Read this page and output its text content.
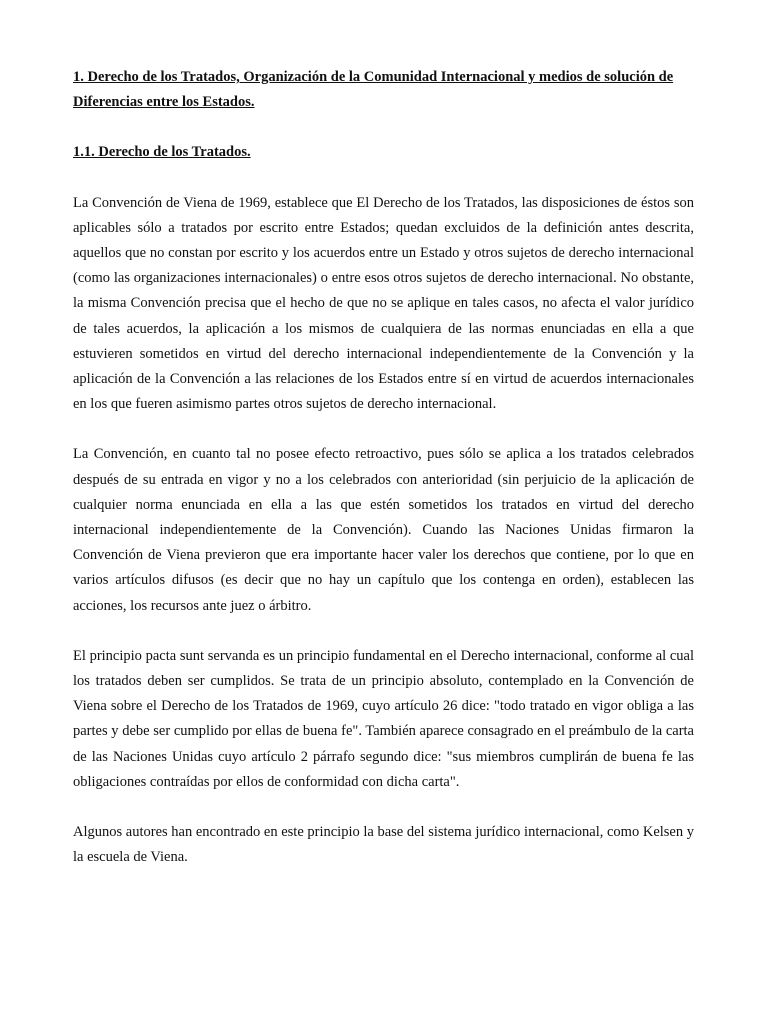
1. Derecho de los Tratados, Organización de la Comunidad Internacional y medios de solución de Diferencias entre los Estados.

1.1. Derecho de los Tratados.

La Convención de Viena de 1969, establece que El Derecho de los Tratados, las disposiciones de éstos son aplicables sólo a tratados por escrito entre Estados; quedan excluidos de la definición antes descrita, aquellos que no constan por escrito y los acuerdos entre un Estado y otros sujetos de derecho internacional (como las organizaciones internacionales) o entre esos otros sujetos de derecho internacional. No obstante, la misma Convención precisa que el hecho de que no se aplique en tales casos, no afecta el valor jurídico de tales acuerdos, la aplicación a los mismos de cualquiera de las normas enunciadas en ella a que estuvieren sometidos en virtud del derecho internacional independientemente de la Convención y la aplicación de la Convención a las relaciones de los Estados entre sí en virtud de acuerdos internacionales en los que fueren asimismo partes otros sujetos de derecho internacional.

La Convención, en cuanto tal no posee efecto retroactivo, pues sólo se aplica a los tratados celebrados después de su entrada en vigor y no a los celebrados con anterioridad (sin perjuicio de la aplicación de cualquier norma enunciada en ella a las que estén sometidos los tratados en virtud del derecho internacional independientemente de la Convención). Cuando las Naciones Unidas firmaron la Convención de Viena previeron que era importante hacer valer los derechos que contiene, por lo que en varios artículos difusos (es decir que no hay un capítulo que los contenga en orden), establecen las acciones, los recursos ante juez o árbitro.

El principio pacta sunt servanda es un principio fundamental en el Derecho internacional, conforme al cual los tratados deben ser cumplidos. Se trata de un principio absoluto, contemplado en la Convención de Viena sobre el Derecho de los Tratados de 1969, cuyo artículo 26 dice: "todo tratado en vigor obliga a las partes y debe ser cumplido por ellas de buena fe". También aparece consagrado en el preámbulo de la carta de las Naciones Unidas cuyo artículo 2 párrafo segundo dice: "sus miembros cumplirán de buena fe las obligaciones contraídas por ellos de conformidad con dicha carta".

Algunos autores han encontrado en este principio la base del sistema jurídico internacional, como Kelsen y la escuela de Viena.
